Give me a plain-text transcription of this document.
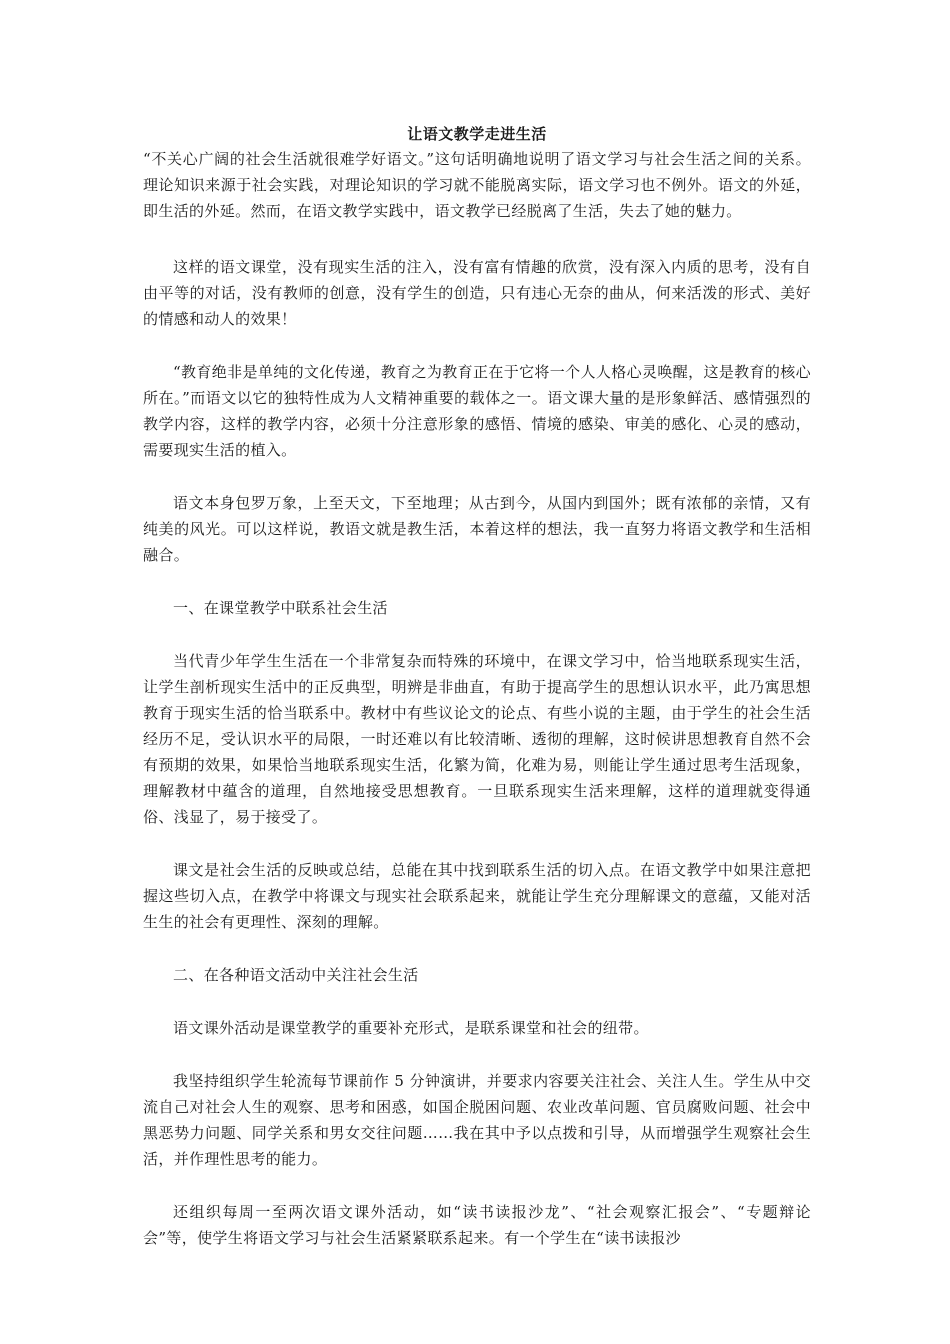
让语文教学走进生活

“不关心广阔的社会生活就很难学好语文。”这句话明确地说明了语文学习与社会生活之间的关系。理论知识来源于社会实践，对理论知识的学习就不能脱离实际，语文学习也不例外。语文的外延，即生活的外延。然而，在语文教学实践中，语文教学已经脱离了生活，失去了她的魅力。

这样的语文课堂，没有现实生活的注入，没有富有情趣的欣赏，没有深入内质的思考，没有自由平等的对话，没有教师的创意，没有学生的创造，只有违心无奈的曲从，何来活泼的形式、美好的情感和动人的效果！

“教育绝非是单纯的文化传递，教育之为教育正在于它将一个人人格心灵唤醒，这是教育的核心所在。”而语文以它的独特性成为人文精神重要的载体之一。语文课大量的是形象鲜活、感情强烈的教学内容，这样的教学内容，必须十分注意形象的感悟、情境的感染、审美的感化、心灵的感动，需要现实生活的植入。

语文本身包罗万象，上至天文，下至地理；从古到今，从国内到国外；既有浓郁的亲情，又有纯美的风光。可以这样说，教语文就是教生活，本着这样的想法，我一直努力将语文教学和生活相融合。

一、在课堂教学中联系社会生活

当代青少年学生生活在一个非常复杂而特殊的环境中，在课文学习中，恰当地联系现实生活，让学生剖析现实生活中的正反典型，明辨是非曲直，有助于提高学生的思想认识水平，此乃寓思想教育于现实生活的恰当联系中。教材中有些议论文的论点、有些小说的主题，由于学生的社会生活经历不足，受认识水平的局限，一时还难以有比较清晰、透彻的理解，这时候讲思想教育自然不会有预期的效果，如果恰当地联系现实生活，化繁为简，化难为易，则能让学生通过思考生活现象，理解教材中蕴含的道理，自然地接受思想教育。一旦联系现实生活来理解，这样的道理就变得通俗、浅显了，易于接受了。

课文是社会生活的反映或总结，总能在其中找到联系生活的切入点。在语文教学中如果注意把握这些切入点，在教学中将课文与现实社会联系起来，就能让学生充分理解课文的意蕴，又能对活生生的社会有更理性、深刻的理解。

二、在各种语文活动中关注社会生活

语文课外活动是课堂教学的重要补充形式，是联系课堂和社会的纽带。

我坚持组织学生轮流每节课前作 5 分钟演讲，并要求内容要关注社会、关注人生。学生从中交流自己对社会人生的观察、思考和困惑，如国企脱困问题、农业改革问题、官员腐败问题、社会中黑恶势力问题、同学关系和男女交往问题……我在其中予以点拨和引导，从而增强学生观察社会生活，并作理性思考的能力。

还组织每周一至两次语文课外活动，如“读书读报沙龙”、“社会观察汇报会”、“专题辩论会”等，使学生将语文学习与社会生活紧紧联系起来。有一个学生在“读书读报沙
